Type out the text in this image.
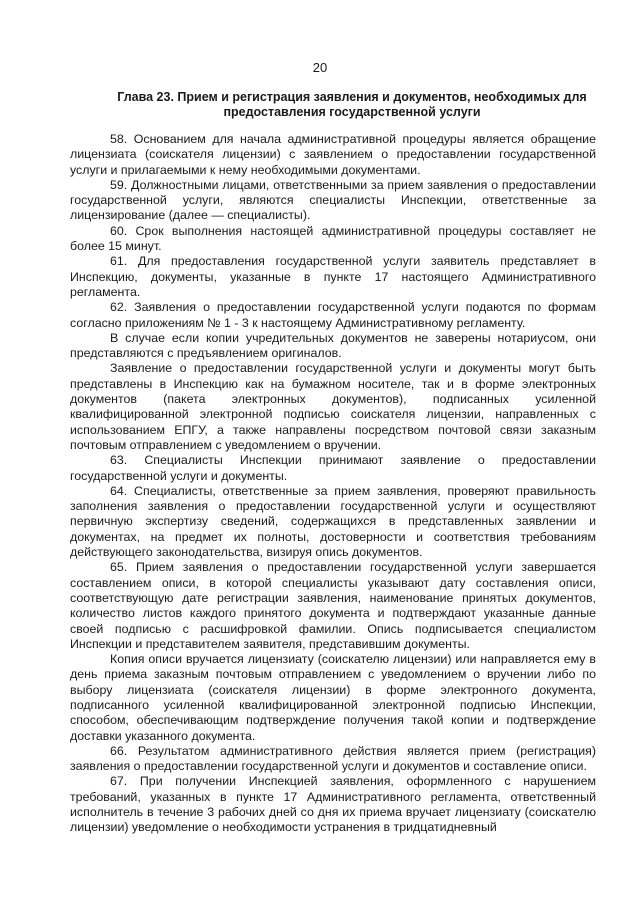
20
Глава 23. Прием и регистрация заявления и документов, необходимых для предоставления государственной услуги

58. Основанием для начала административной процедуры является обращение лицензиата (соискателя лицензии) с заявлением о предоставлении государственной услуги и прилагаемыми к нему необходимыми документами.

59. Должностными лицами, ответственными за прием заявления о предоставлении государственной услуги, являются специалисты Инспекции, ответственные за лицензирование (далее — специалисты).

60. Срок выполнения настоящей административной процедуры составляет не более 15 минут.

61. Для предоставления государственной услуги заявитель представляет в Инспекцию, документы, указанные в пункте 17 настоящего Административного регламента.

62. Заявления о предоставлении государственной услуги подаются по формам согласно приложениям № 1 - 3 к настоящему Административному регламенту.

В случае если копии учредительных документов не заверены нотариусом, они представляются с предъявлением оригиналов.

Заявление о предоставлении государственной услуги и документы могут быть представлены в Инспекцию как на бумажном носителе, так и в форме электронных документов (пакета электронных документов), подписанных усиленной квалифицированной электронной подписью соискателя лицензии, направленных с использованием ЕПГУ, а также направлены посредством почтовой связи заказным почтовым отправлением с уведомлением о вручении.

63. Специалисты Инспекции принимают заявление о предоставлении государственной услуги и документы.

64. Специалисты, ответственные за прием заявления, проверяют правильность заполнения заявления о предоставлении государственной услуги и осуществляют первичную экспертизу сведений, содержащихся в представленных заявлении и документах, на предмет их полноты, достоверности и соответствия требованиям действующего законодательства, визируя опись документов.

65. Прием заявления о предоставлении государственной услуги завершается составлением описи, в которой специалисты указывают дату составления описи, соответствующую дате регистрации заявления, наименование принятых документов, количество листов каждого принятого документа и подтверждают указанные данные своей подписью с расшифровкой фамилии. Опись подписывается специалистом Инспекции и представителем заявителя, представившим документы.

Копия описи вручается лицензиату (соискателю лицензии) или направляется ему в день приема заказным почтовым отправлением с уведомлением о вручении либо по выбору лицензиата (соискателя лицензии) в форме электронного документа, подписанного усиленной квалифицированной электронной подписью Инспекции, способом, обеспечивающим подтверждение получения такой копии и подтверждение доставки указанного документа.

66. Результатом административного действия является прием (регистрация) заявления о предоставлении государственной услуги и документов и составление описи.

67. При получении Инспекцией заявления, оформленного с нарушением требований, указанных в пункте 17 Административного регламента, ответственный исполнитель в течение 3 рабочих дней со дня их приема вручает лицензиату (соискателю лицензии) уведомление о необходимости устранения в тридцатидневный
